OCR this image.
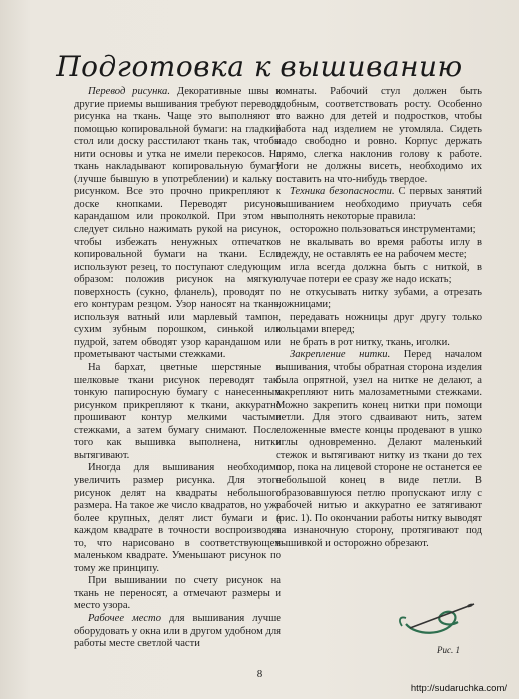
Подготовка к вышиванию

Перевод рисунка. Декоративные швы и другие приемы вышивания требуют перевода рисунка на ткань. Чаще это выполняют с помощью копировальной бумаги: на гладкий стол или доску расстилают ткань так, чтобы нити основы и утка не имели перекосов. На ткань накладывают копировальную бумагу (лучше бывшую в употреблении) и кальку с рисунком. Все это прочно прикрепляют к доске кнопками. Переводят рисунок карандашом или проколкой. При этом не следует сильно нажимать рукой на рисунок, чтобы избежать ненужных отпечатков копировальной бумаги на ткани. Если используют резец, то поступают следующим образом: положив рисунок на мягкую поверхность (сукно, фланель), проводят по его контурам резцом. Узор наносят на ткань, используя ватный или марлевый тампон, сухим зубным порошком, синькой или пудрой, затем обводят узор карандашом или прометывают частыми стежками.

На бархат, цветные шерстяные и шелковые ткани рисунок переводят так: тонкую папиросную бумагу с нанесенным рисунком прикрепляют к ткани, аккуратно прошивают контур мелкими частыми стежками, а затем бумагу снимают. После того как вышивка выполнена, нитки вытягивают.

Иногда для вышивания необходимо увеличить размер рисунка. Для этого рисунок делят на квадраты небольшого размера. На такое же число квадратов, но уже более крупных, делят лист бумаги и в каждом квадрате в точности воспроизводят то, что нарисовано в соответствующем маленьком квадрате. Уменьшают рисунок по тому же принципу.

При вышивании по счету рисунок на ткань не переносят, а отмечают размеры и место узора.

Рабочее место для вышивания лучше оборудовать у окна или в другом удобном для работы месте светлой части

комнаты. Рабочий стул должен быть удобным, соответствовать росту. Особенно это важно для детей и подростков, чтобы работа над изделием не утомляла. Сидеть надо свободно и ровно. Корпус держать прямо, слегка наклонив голову к работе. Ноги не должны висеть, необходимо их поставить на что-нибудь твердое.

Техника безопасности. С первых занятий вышиванием необходимо приучать себя выполнять некоторые правила:

осторожно пользоваться инструментами;

не вкалывать во время работы иглу в одежду, не оставлять ее на рабочем месте;

игла всегда должна быть с ниткой, в случае потери ее сразу же надо искать;

не откусывать нитку зубами, а отрезать ножницами;

передавать ножницы друг другу только кольцами вперед;

не брать в рот нитку, ткань, иголки.

Закрепление нитки. Перед началом вышивания, чтобы обратная сторона изделия была опрятной, узел на нитке не делают, а закрепляют нить малозаметными стежками. Можно закрепить конец нитки при помощи петли. Для этого сдваивают нить, затем сложенные вместе концы продевают в ушко иглы одновременно. Делают маленький стежок и вытягивают нитку из ткани до тех пор, пока на лицевой стороне не останется ее небольшой конец в виде петли. В образовавшуюся петлю пропускают иглу с рабочей нитью и аккуратно ее затягивают (рис. 1). По окончании работы нитку выводят на изнаночную сторону, протягивают под вышивкой и осторожно обрезают.

Рис. 1
8
http://sudaruchka.com/
